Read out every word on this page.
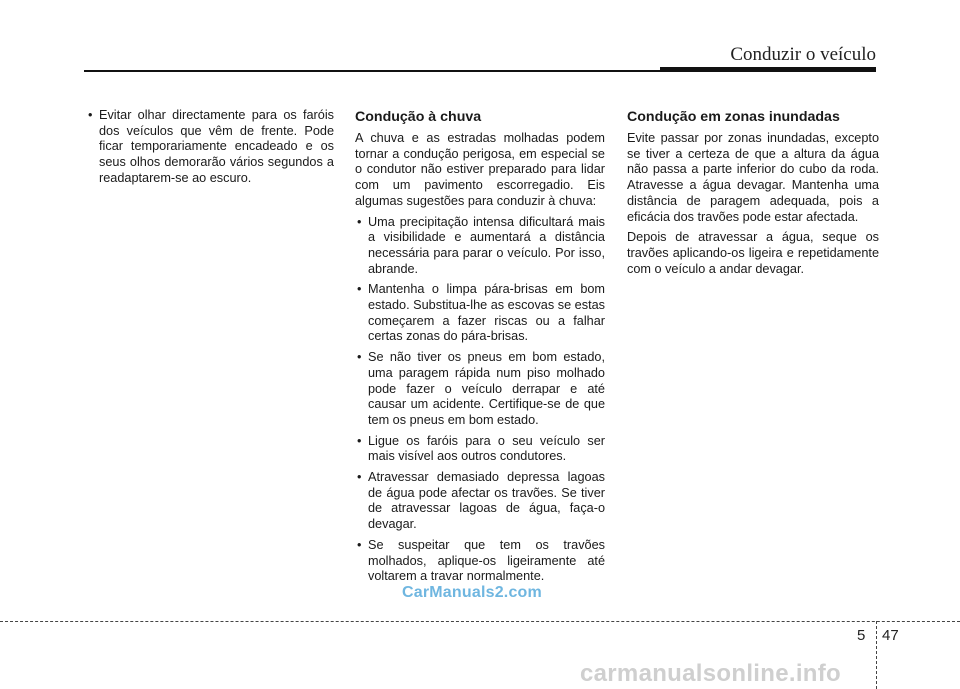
Conduzir o veículo
• Evitar olhar directamente para os faróis dos veículos que vêm de frente. Pode ficar temporariamente encadeado e os seus olhos demorarão vários segundos a readaptarem-se ao escuro.
Condução à chuva
A chuva e as estradas molhadas podem tornar a condução perigosa, em especial se o condutor não estiver preparado para lidar com um pavimento escorregadio. Eis algumas sugestões para conduzir à chuva:
• Uma precipitação intensa dificultará mais a visibilidade e aumentará a distância necessária para parar o veículo. Por isso, abrande.
• Mantenha o limpa pára-brisas em bom estado. Substitua-lhe as escovas se estas começarem a fazer riscas ou a falhar certas zonas do pára-brisas.
• Se não tiver os pneus em bom estado, uma paragem rápida num piso molhado pode fazer o veículo derrapar e até causar um acidente. Certifique-se de que tem os pneus em bom estado.
• Ligue os faróis para o seu veículo ser mais visível aos outros condutores.
• Atravessar demasiado depressa lagoas de água pode afectar os travões. Se tiver de atravessar lagoas de água, faça-o devagar.
• Se suspeitar que tem os travões molhados, aplique-os ligeiramente até voltarem a travar normalmente.
Condução em zonas inundadas
Evite passar por zonas inundadas, excepto se tiver a certeza de que a altura da água não passa a parte inferior do cubo da roda. Atravesse a água devagar. Mantenha uma distância de paragem adequada, pois a eficácia dos travões pode estar afectada.
Depois de atravessar a água, seque os travões aplicando-os ligeira e repetidamente com o veículo a andar devagar.
CarManuals2.com
5 47
carmanualsonline.info
